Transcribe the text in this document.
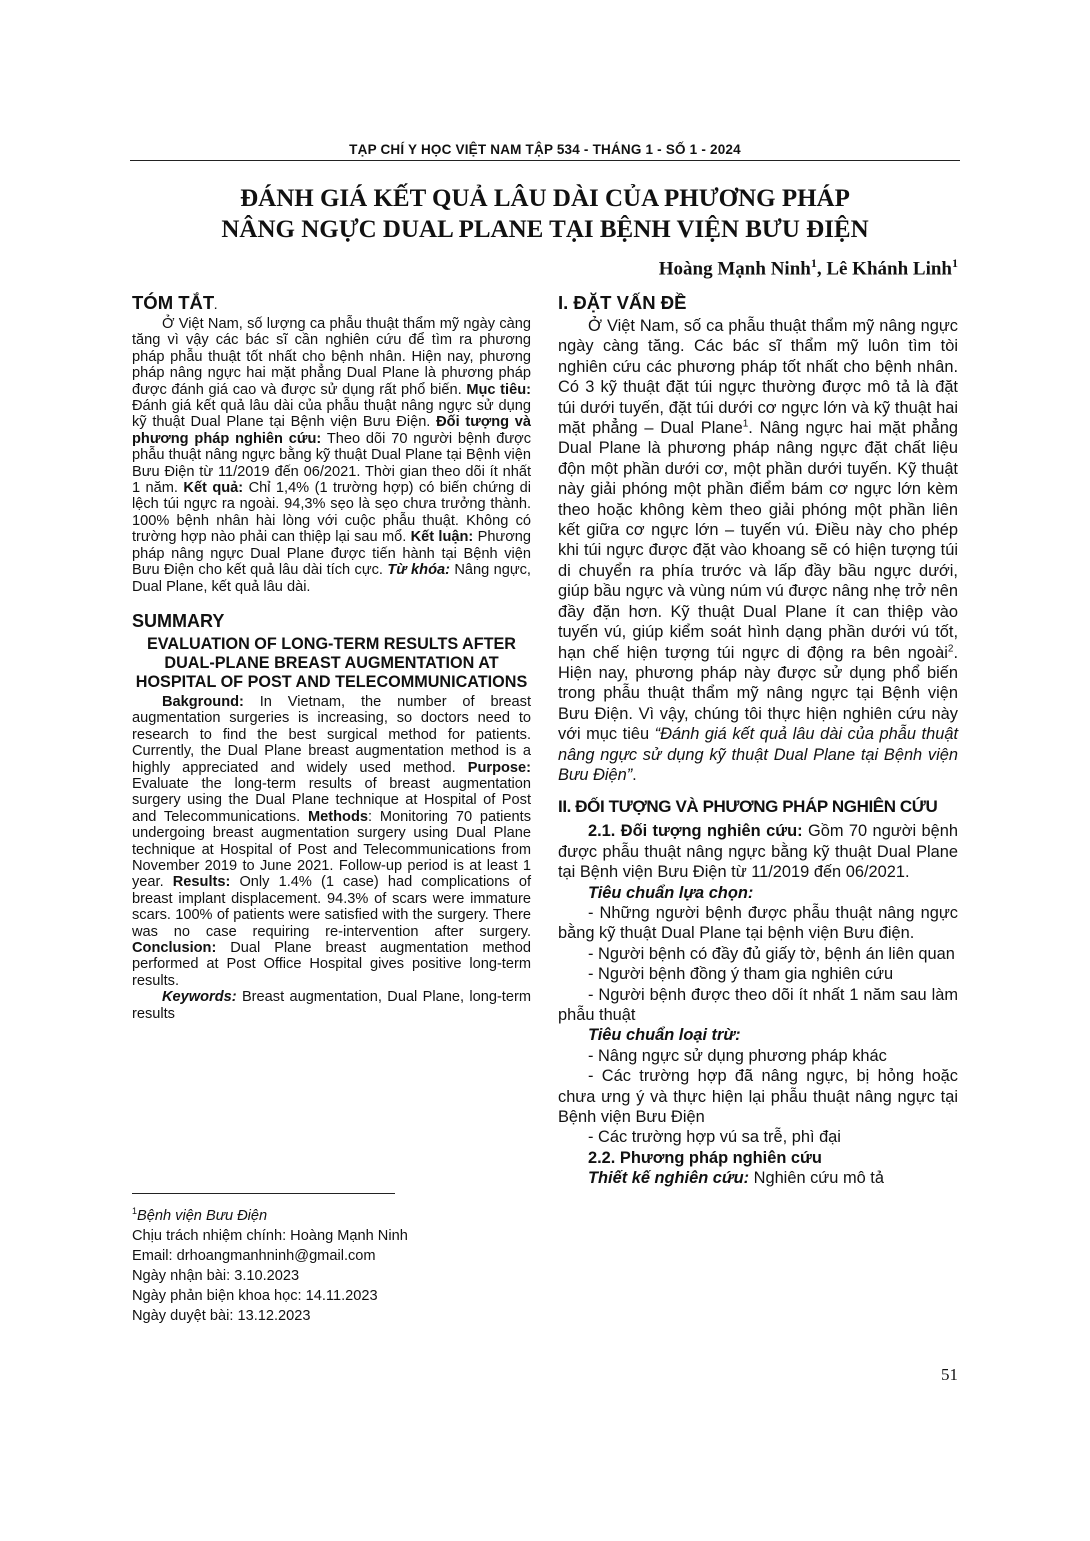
TẠP CHÍ Y HỌC VIỆT NAM TẬP 534 - THÁNG 1 - SỐ 1 - 2024
ĐÁNH GIÁ KẾT QUẢ LÂU DÀI CỦA PHƯƠNG PHÁP
NÂNG NGỰC DUAL PLANE TẠI BỆNH VIỆN BƯU ĐIỆN
Hoàng Mạnh Ninh$^1$, Lê Khánh Linh$^1$
TÓM TẮT .

Ở Việt Nam, số lượng ca phẫu thuật thẩm mỹ ngày càng tăng vì vậy các bác sĩ cần nghiên cứu để tìm ra phương pháp phẫu thuật tốt nhất cho bệnh nhân. Hiện nay, phương pháp nâng ngực hai mặt phẳng Dual Plane là phương pháp được đánh giá cao và được sử dụng rất phổ biến. Mục tiêu: Đánh giá kết quả lâu dài của phẫu thuật nâng ngực sử dụng kỹ thuật Dual Plane tại Bệnh viện Bưu Điện. Đối tượng và phương pháp nghiên cứu: Theo dõi 70 người bệnh được phẫu thuật nâng ngực bằng kỹ thuật Dual Plane tại Bệnh viện Bưu Điện từ 11/2019 đến 06/2021. Thời gian theo dõi ít nhất 1 năm. Kết quả: Chỉ 1,4% (1 trường hợp) có biến chứng di lệch túi ngực ra ngoài. 94,3% sẹo là sẹo chưa trưởng thành. 100% bệnh nhân hài lòng với cuộc phẫu thuật. Không có trường hợp nào phải can thiệp lại sau mổ. Kết luận: Phương pháp nâng ngực Dual Plane được tiến hành tại Bệnh viện Bưu Điện cho kết quả lâu dài tích cực. Từ khóa: Nâng ngực, Dual Plane, kết quả lâu dài.

SUMMARY
EVALUATION OF LONG-TERM RESULTS AFTER DUAL-PLANE BREAST AUGMENTATION AT HOSPITAL OF POST AND TELECOMMUNICATIONS

Bakground: In Vietnam, the number of breast augmentation surgeries is increasing, so doctors need to research to find the best surgical method for patients. Currently, the Dual Plane breast augmentation method is a highly appreciated and widely used method. Purpose: Evaluate the long-term results of breast augmentation surgery using the Dual Plane technique at Hospital of Post and Telecommunications. Methods: Monitoring 70 patients undergoing breast augmentation surgery using Dual Plane technique at Hospital of Post and Telecommunications from November 2019 to June 2021. Follow-up period is at least 1 year. Results: Only 1.4% (1 case) had complications of breast implant displacement. 94.3% of scars were immature scars. 100% of patients were satisfied with the surgery. There was no case requiring re-intervention after surgery. Conclusion: Dual Plane breast augmentation method performed at Post Office Hospital gives positive long-term results.

Keywords: Breast augmentation, Dual Plane, long-term results

$^1$Bệnh viện Bưu Điện

Chịu trách nhiệm chính: Hoàng Mạnh Ninh

Email: drhoangmanhninh@gmail.com

Ngày nhận bài: 3.10.2023

Ngày phản biện khoa học: 14.11.2023

Ngày duyệt bài: 13.12.2023

I. ĐẶT VẤN ĐỀ

Ở Việt Nam, số ca phẫu thuật thẩm mỹ nâng ngực ngày càng tăng. Các bác sĩ thẩm mỹ luôn tìm tòi nghiên cứu các phương pháp tốt nhất cho bệnh nhân. Có 3 kỹ thuật đặt túi ngực thường được mô tả là đặt túi dưới tuyến, đặt túi dưới cơ ngực lớn và kỹ thuật hai mặt phẳng – Dual Plane$^1$. Nâng ngực hai mặt phẳng Dual Plane là phương pháp nâng ngực đặt chất liệu độn một phần dưới cơ, một phần dưới tuyến. Kỹ thuật này giải phóng một phần điểm bám cơ ngực lớn kèm theo hoặc không kèm theo giải phóng một phần liên kết giữa cơ ngực lớn – tuyến vú. Điều này cho phép khi túi ngực được đặt vào khoang sẽ có hiện tượng túi di chuyển ra phía trước và lấp đầy bầu ngực dưới, giúp bầu ngực và vùng núm vú được nâng nhẹ trở nên đầy đặn hơn. Kỹ thuật Dual Plane ít can thiệp vào tuyến vú, giúp kiểm soát hình dạng phần dưới vú tốt, hạn chế hiện tượng túi ngực di động ra bên ngoài$^2$. Hiện nay, phương pháp này được sử dụng phổ biến trong phẫu thuật thẩm mỹ nâng ngực tại Bệnh viện Bưu Điện. Vì vậy, chúng tôi thực hiện nghiên cứu này với mục tiêu “Đánh giá kết quả lâu dài của phẫu thuật nâng ngực sử dụng kỹ thuật Dual Plane tại Bệnh viện Bưu Điện”.

II. ĐỐI TƯỢNG VÀ PHƯƠNG PHÁP NGHIÊN CỨU

2.1. Đối tượng nghiên cứu: Gồm 70 người bệnh được phẫu thuật nâng ngực bằng kỹ thuật Dual Plane tại Bệnh viện Bưu Điện từ 11/2019 đến 06/2021.

Tiêu chuẩn lựa chọn:

- Những người bệnh được phẫu thuật nâng ngực bằng kỹ thuật Dual Plane tại bệnh viện Bưu điện.

- Người bệnh có đầy đủ giấy tờ, bệnh án liên quan

- Người bệnh đồng ý tham gia nghiên cứu

- Người bệnh được theo dõi ít nhất 1 năm sau làm phẫu thuật

Tiêu chuẩn loại trừ:

- Nâng ngực sử dụng phương pháp khác

- Các trường hợp đã nâng ngực, bị hỏng hoặc chưa ưng ý và thực hiện lại phẫu thuật nâng ngực tại Bệnh viện Bưu Điện

- Các trường hợp vú sa trễ, phì đại

2.2. Phương pháp nghiên cứu

Thiết kế nghiên cứu: Nghiên cứu mô tả

51
